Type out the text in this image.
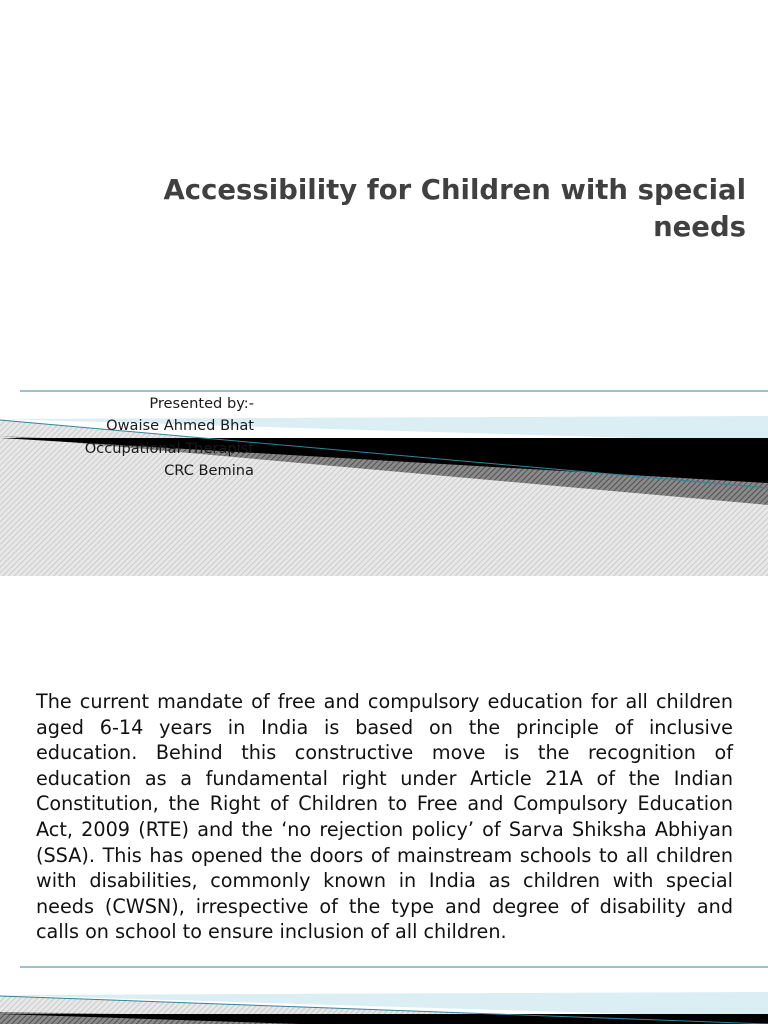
Accessibility for Children with special needs
Presented by:-
Owaise Ahmed Bhat
Occupational Therapist
CRC Bemina

The current mandate of free and compulsory education for all children aged 6-14 years in India is based on the principle of inclusive education. Behind this constructive move is the recognition of education as a fundamental right under Article 21A of the Indian Constitution, the Right of Children to Free and Compulsory Education Act, 2009 (RTE) and the ‘no rejection policy’ of Sarva Shiksha Abhiyan (SSA). This has opened the doors of mainstream schools to all children with disabilities, commonly known in India as children with special needs (CWSN), irrespective of the type and degree of disability and calls on school to ensure inclusion of all children.
